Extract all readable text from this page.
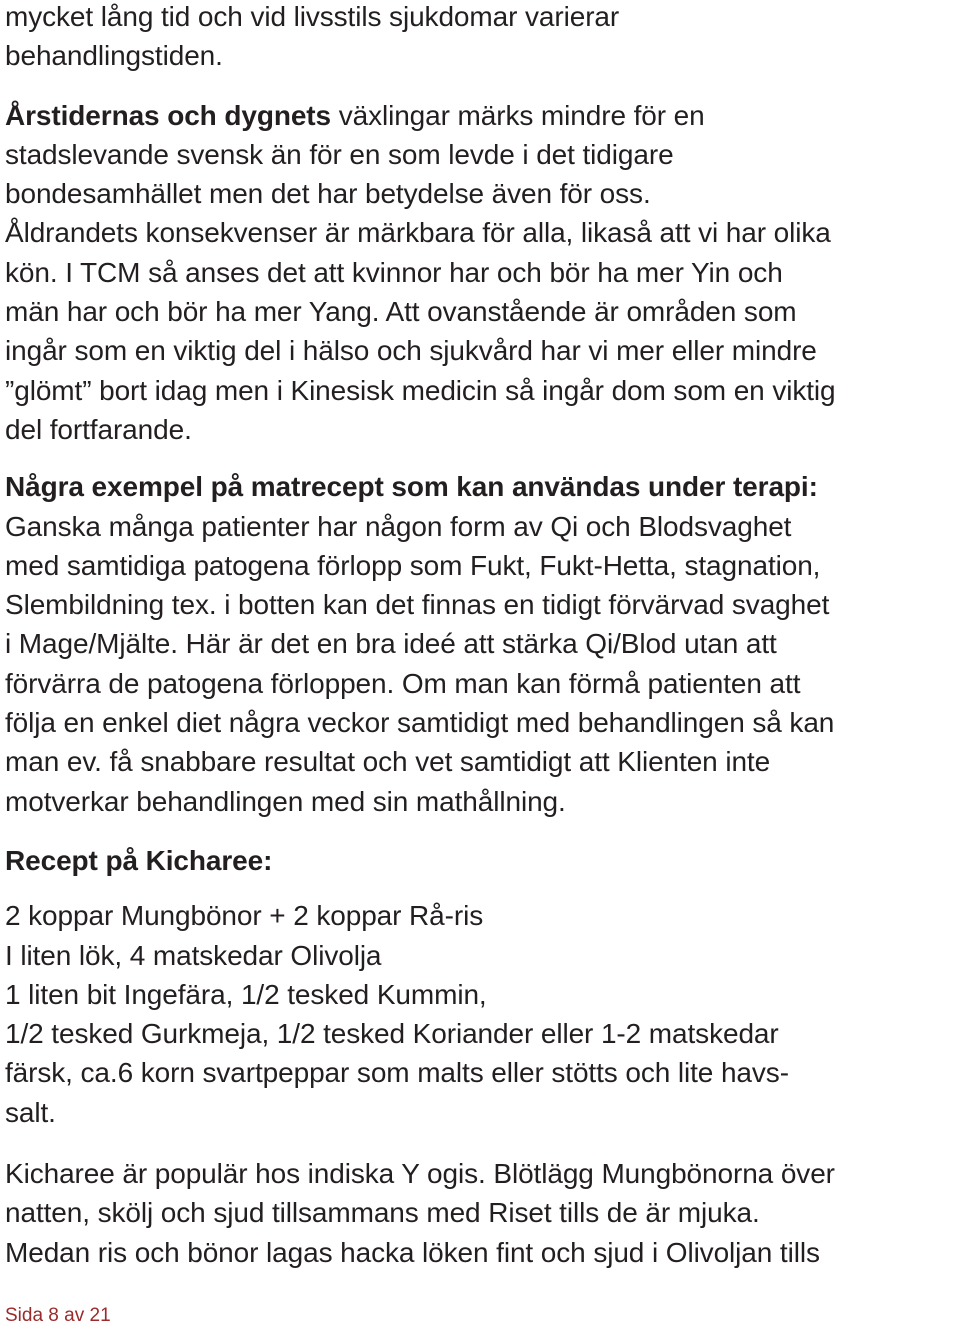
mycket lång tid och vid livsstils sjukdomar varierar
behandlingstiden.
Årstidernas och dygnets växlingar märks mindre för en
stadslevande svensk än för en som levde i det tidigare
bondesamhället men det har betydelse även för oss.
Åldrandets konsekvenser är märkbara för alla, likaså att vi har olika
kön. I TCM så anses det att kvinnor har och bör ha mer Yin och
män har och bör ha mer Yang. Att ovanstående är områden som
ingår som en viktig del i hälso och sjukvård har vi mer eller mindre
”glömt” bort idag men i Kinesisk medicin så ingår dom som en viktig
del fortfarande.
Några exempel på matrecept som kan användas under terapi:
Ganska många patienter har någon form av Qi och Blodsvaghet
med samtidiga patogena förlopp som Fukt, Fukt-Hetta, stagnation,
Slembildning tex. i botten kan det finnas en tidigt förvärvad svaghet
i Mage/Mjälte. Här är det en bra ideé att stärka Qi/Blod utan att
förvärra de patogena förloppen. Om man kan förmå patienten att
följa en enkel diet några veckor samtidigt med behandlingen så kan
man ev. få snabbare resultat och vet samtidigt att Klienten inte
motverkar behandlingen med sin mathållning.
Recept på Kicharee:
2 koppar Mungbönor + 2 koppar Rå-ris
I liten lök, 4 matskedar Olivolja
1 liten bit Ingefära, 1/2 tesked Kummin,
1/2 tesked Gurkmeja, 1/2 tesked Koriander eller 1-2 matskedar
färsk, ca.6 korn svartpeppar som malts eller stötts och lite havs-
salt.
Kicharee är populär hos indiska Y ogis. Blötlägg Mungbönorna över
natten, skölj och sjud tillsammans med Riset tills de är mjuka.
Medan ris och bönor lagas hacka löken fint och sjud i Olivoljan tills
Sida 8 av 21
